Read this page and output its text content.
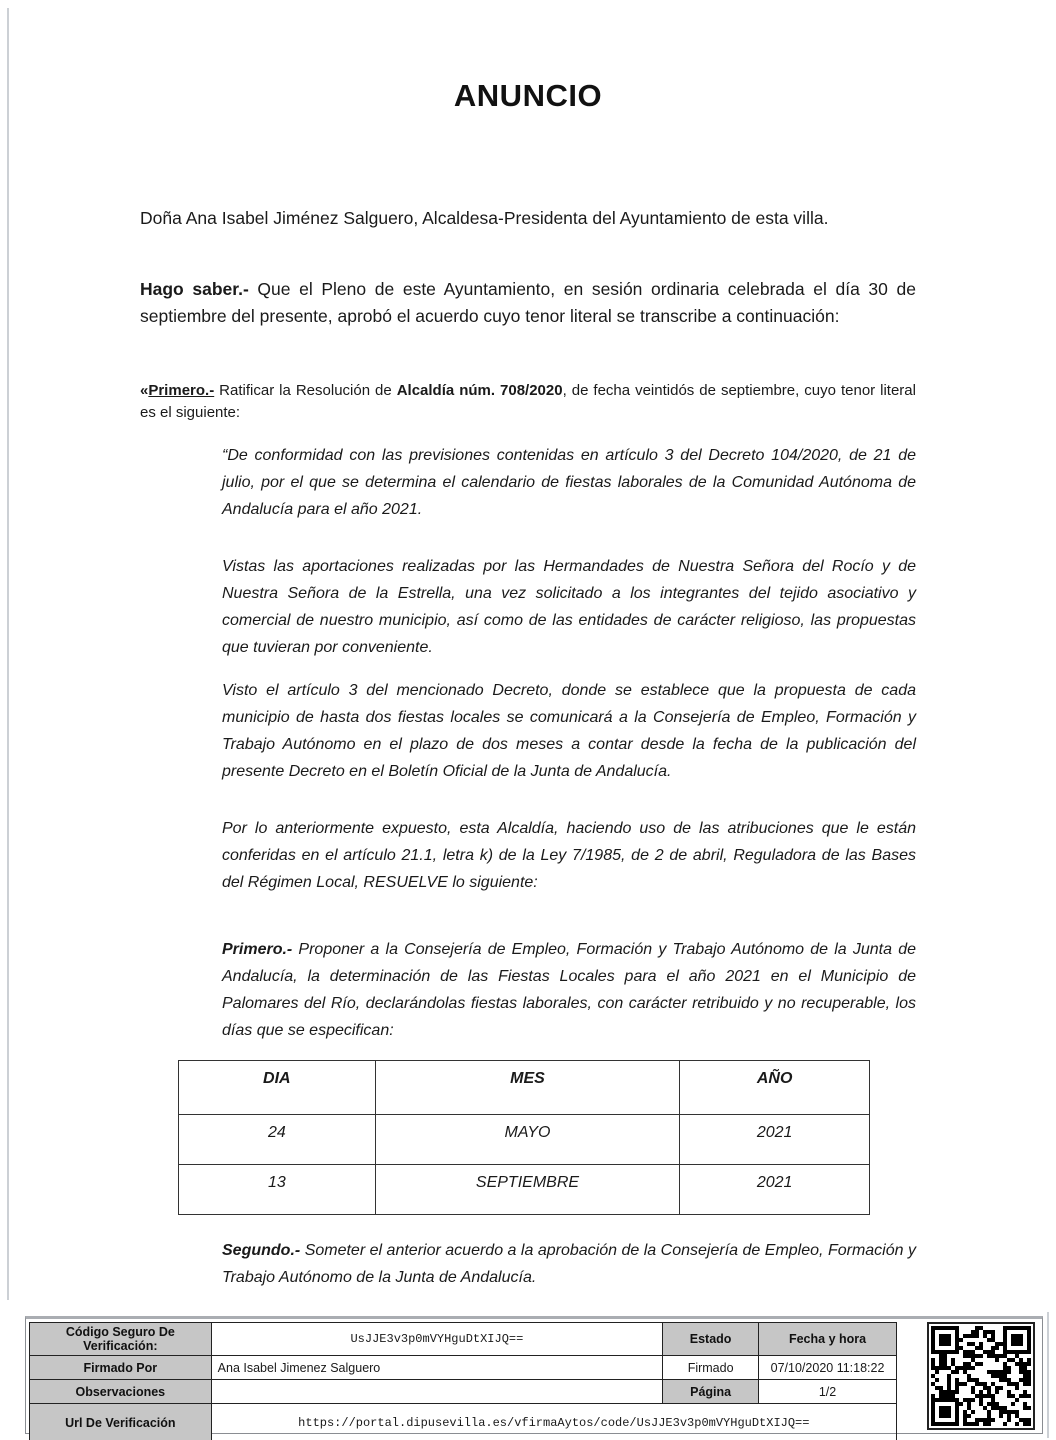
ANUNCIO

Doña Ana Isabel Jiménez Salguero, Alcaldesa-Presidenta del Ayuntamiento de esta villa.

Hago saber.- Que el Pleno de este Ayuntamiento, en sesión ordinaria celebrada el día 30 de septiembre del presente, aprobó el acuerdo cuyo tenor literal se transcribe a continuación:

«Primero.- Ratificar la Resolución de Alcaldía núm. 708/2020, de fecha veintidós de septiembre, cuyo tenor literal es el siguiente:

“De conformidad con las previsiones contenidas en artículo 3 del Decreto 104/2020, de 21 de julio, por el que se determina el calendario de fiestas laborales de la Comunidad Autónoma de Andalucía para el año 2021.

Vistas las aportaciones realizadas por las Hermandades de Nuestra Señora del Rocío y de Nuestra Señora de la Estrella, una vez solicitado a los integrantes del tejido asociativo y comercial de nuestro municipio, así como de las entidades de carácter religioso, las propuestas que tuvieran por conveniente.

Visto el artículo 3 del mencionado Decreto, donde se establece que la propuesta de cada municipio de hasta dos fiestas locales se comunicará a la Consejería de Empleo, Formación y Trabajo Autónomo en el plazo de dos meses a contar desde la fecha de la publicación del presente Decreto en el Boletín Oficial de la Junta de Andalucía.

Por lo anteriormente expuesto, esta Alcaldía, haciendo uso de las atribuciones que le están conferidas en el artículo 21.1, letra k) de la Ley 7/1985, de 2 de abril, Reguladora de las Bases del Régimen Local, RESUELVE lo siguiente:

Primero.- Proponer a la Consejería de Empleo, Formación y Trabajo Autónomo de la Junta de Andalucía, la determinación de las Fiestas Locales para el año 2021 en el Municipio de Palomares del Río, declarándolas fiestas laborales, con carácter retribuido y no recuperable, los días que se especifican:

DIA	MES	AÑO
24	MAYO	2021
13	SEPTIEMBRE	2021

Segundo.- Someter el anterior acuerdo a la aprobación de la Consejería de Empleo, Formación y Trabajo Autónomo de la Junta de Andalucía.

Código Seguro De Verificación:	UsJJE3v3p0mVYHguDtXIJQ==	Estado	Fecha y hora
Firmado Por	Ana Isabel Jimenez Salguero	Firmado	07/10/2020 11:18:22
Observaciones		Página	1/2
Url De Verificación	https://portal.dipusevilla.es/vfirmaAytos/code/UsJJE3v3p0mVYHguDtXIJQ==		
